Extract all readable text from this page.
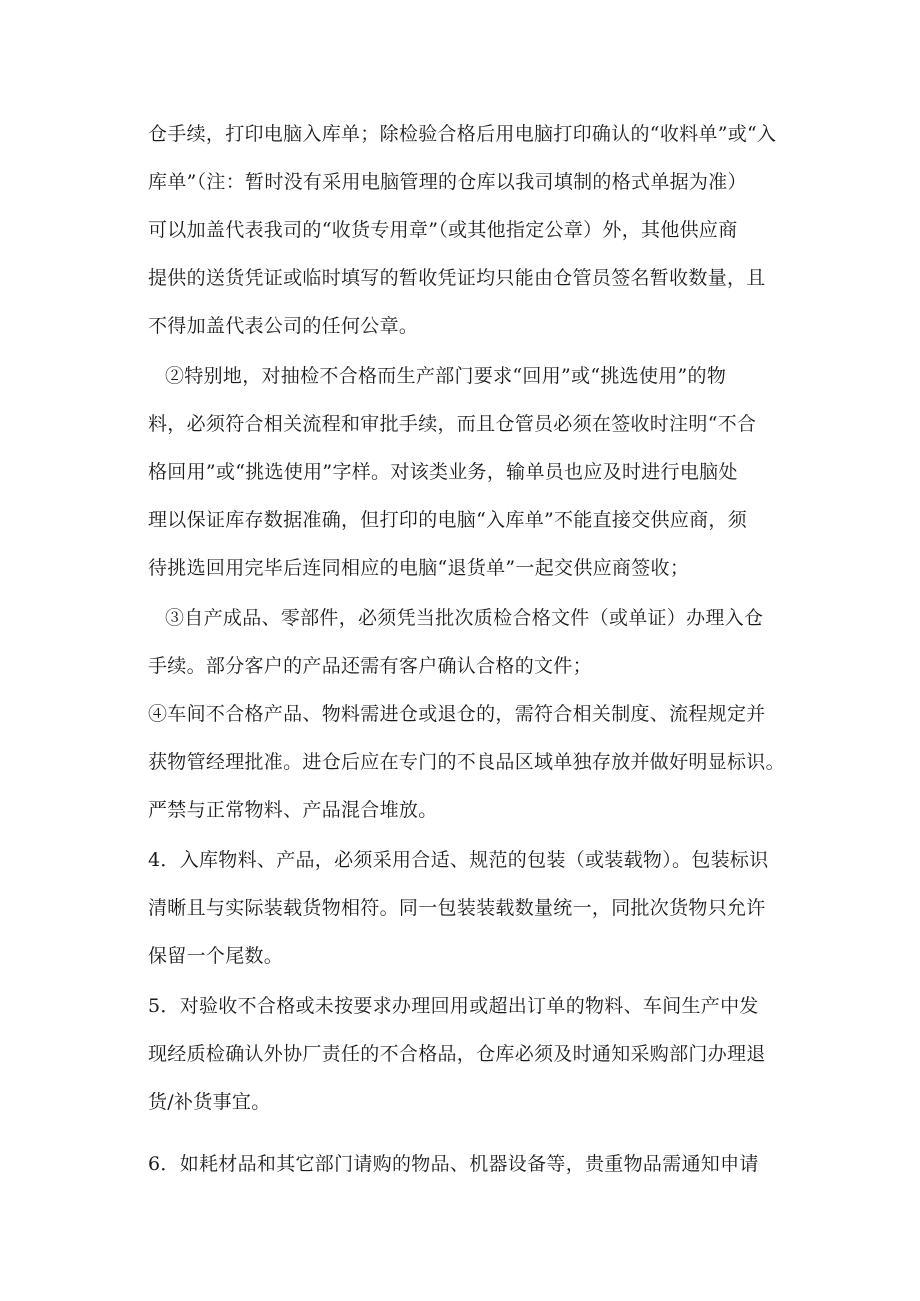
仓手续，打印电脑入库单；除检验合格后用电脑打印确认的“收料单”或“入
库单”（注：暂时没有采用电脑管理的仓库以我司填制的格式单据为准）
可以加盖代表我司的“收货专用章”（或其他指定公章）外，其他供应商
提供的送货凭证或临时填写的暂收凭证均只能由仓管员签名暂收数量，且
不得加盖代表公司的任何公章。
②特别地，对抽检不合格而生产部门要求“回用”或“挑选使用”的物
料，必须符合相关流程和审批手续，而且仓管员必须在签收时注明“不合
格回用”或“挑选使用”字样。对该类业务，输单员也应及时进行电脑处
理以保证库存数据准确，但打印的电脑“入库单”不能直接交供应商，须
待挑选回用完毕后连同相应的电脑“退货单”一起交供应商签收；
③自产成品、零部件，必须凭当批次质检合格文件（或单证）办理入仓
手续。部分客户的产品还需有客户确认合格的文件；
④车间不合格产品、物料需进仓或退仓的，需符合相关制度、流程规定并
获物管经理批准。进仓后应在专门的不良品区域单独存放并做好明显标识。
严禁与正常物料、产品混合堆放。
4．入库物料、产品，必须采用合适、规范的包装（或装载物）。包装标识
清晰且与实际装载货物相符。同一包装装载数量统一，同批次货物只允许
保留一个尾数。
5．对验收不合格或未按要求办理回用或超出订单的物料、车间生产中发
现经质检确认外协厂责任的不合格品，仓库必须及时通知采购部门办理退
货/补货事宜。
6．如耗材品和其它部门请购的物品、机器设备等，贵重物品需通知申请
